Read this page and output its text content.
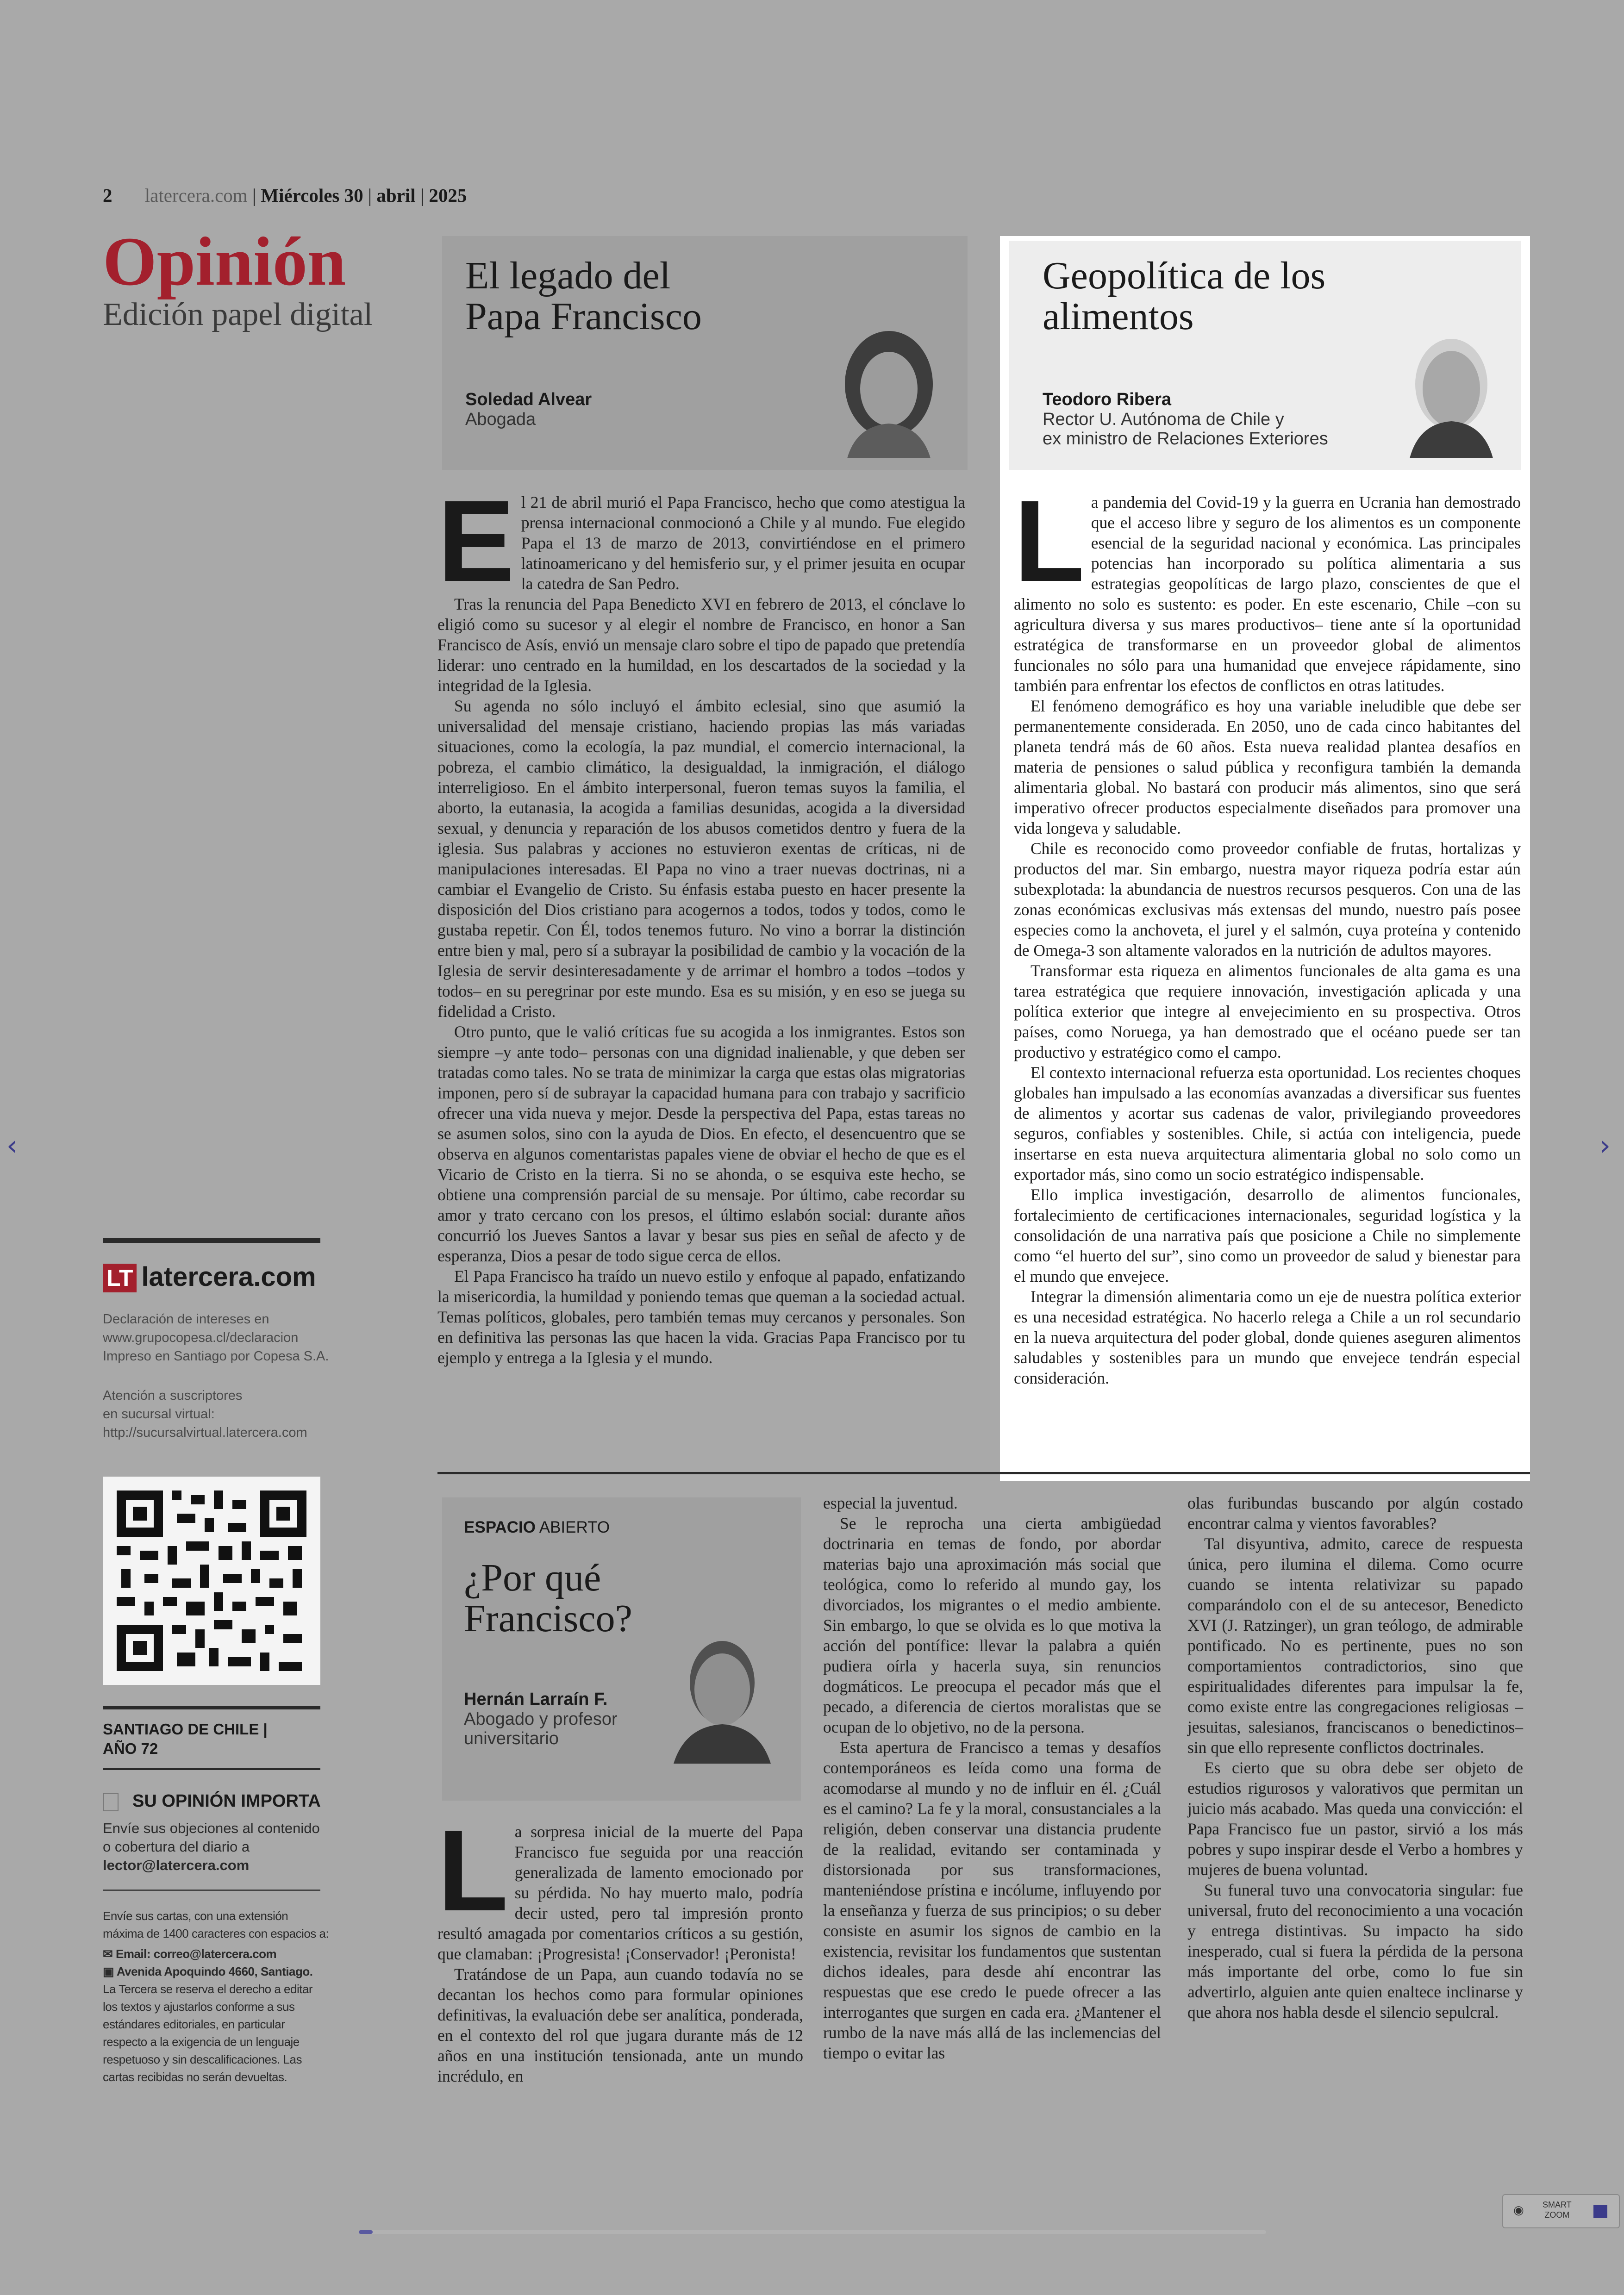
2 latercera.com | Miércoles 30 | abril | 2025
Opinión
Edición papel digital
LT latercera.com
Declaración de intereses en
www.grupocopesa.cl/declaracion
Impreso en Santiago por Copesa S.A.
Atención a suscriptores
en sucursal virtual:
http://sucursalvirtual.latercera.com
SANTIAGO DE CHILE |
AÑO 72
SU OPINIÓN IMPORTA
Envíe sus objeciones al contenido o cobertura del diario a
lector@latercera.com
Envíe sus cartas, con una extensión máxima de 1400 caracteres con espacios a:
✉ Email: correo@latercera.com
▣ Avenida Apoquindo 4660, Santiago.
La Tercera se reserva el derecho a editar los textos y ajustarlos conforme a sus estándares editoriales, en particular respecto a la exigencia de un lenguaje respetuoso y sin descalificaciones. Las cartas recibidas no serán devueltas.
El legado del
Papa Francisco
Soledad Alvear
Abogada
E l 21 de abril murió el Papa Francisco, hecho que como atestigua la prensa internacional conmocionó a Chile y al mundo. Fue elegido Papa el 13 de marzo de 2013, convirtiéndose en el primero latinoamericano y del hemisferio sur, y el primer jesuita en ocupar la catedra de San Pedro.

Tras la renuncia del Papa Benedicto XVI en febrero de 2013, el cónclave lo eligió como su sucesor y al elegir el nombre de Francisco, en honor a San Francisco de Asís, envió un mensaje claro sobre el tipo de papado que pretendía liderar: uno centrado en la humildad, en los descartados de la sociedad y la integridad de la Iglesia.

Su agenda no sólo incluyó el ámbito eclesial, sino que asumió la universalidad del mensaje cristiano, haciendo propias las más variadas situaciones, como la ecología, la paz mundial, el comercio internacional, la pobreza, el cambio climático, la desigualdad, la inmigración, el diálogo interreligioso. En el ámbito interpersonal, fueron temas suyos la familia, el aborto, la eutanasia, la acogida a familias desunidas, acogida a la diversidad sexual, y denuncia y reparación de los abusos cometidos dentro y fuera de la iglesia. Sus palabras y acciones no estuvieron exentas de críticas, ni de manipulaciones interesadas. El Papa no vino a traer nuevas doctrinas, ni a cambiar el Evangelio de Cristo. Su énfasis estaba puesto en hacer presente la disposición del Dios cristiano para acogernos a todos, todos y todos, como le gustaba repetir. Con Él, todos tenemos futuro. No vino a borrar la distinción entre bien y mal, pero sí a subrayar la posibilidad de cambio y la vocación de la Iglesia de servir desinteresadamente y de arrimar el hombro a todos –todos y todos– en su peregrinar por este mundo. Esa es su misión, y en eso se juega su fidelidad a Cristo.

Otro punto, que le valió críticas fue su acogida a los inmigrantes. Estos son siempre –y ante todo– personas con una dignidad inalienable, y que deben ser tratadas como tales. No se trata de minimizar la carga que estas olas migratorias imponen, pero sí de subrayar la capacidad humana para con trabajo y sacrificio ofrecer una vida nueva y mejor. Desde la perspectiva del Papa, estas tareas no se asumen solos, sino con la ayuda de Dios. En efecto, el desencuentro que se observa en algunos comentaristas papales viene de obviar el hecho de que es el Vicario de Cristo en la tierra. Si no se ahonda, o se esquiva este hecho, se obtiene una comprensión parcial de su mensaje. Por último, cabe recordar su amor y trato cercano con los presos, el último eslabón social: durante años concurrió los Jueves Santos a lavar y besar sus pies en señal de afecto y de esperanza, Dios a pesar de todo sigue cerca de ellos.

El Papa Francisco ha traído un nuevo estilo y enfoque al papado, enfatizando la misericordia, la humildad y poniendo temas que queman a la sociedad actual. Temas políticos, globales, pero también temas muy cercanos y personales. Son en definitiva las personas las que hacen la vida. Gracias Papa Francisco por tu ejemplo y entrega a la Iglesia y el mundo.

Geopolítica de los
alimentos
Teodoro Ribera
Rector U. Autónoma de Chile y
ex ministro de Relaciones Exteriores
L a pandemia del Covid-19 y la guerra en Ucrania han demostrado que el acceso libre y seguro de los alimentos es un componente esencial de la seguridad nacional y económica. Las principales potencias han incorporado su política alimentaria a sus estrategias geopolíticas de largo plazo, conscientes de que el alimento no solo es sustento: es poder. En este escenario, Chile –con su agricultura diversa y sus mares productivos– tiene ante sí la oportunidad estratégica de transformarse en un proveedor global de alimentos funcionales no sólo para una humanidad que envejece rápidamente, sino también para enfrentar los efectos de conflictos en otras latitudes.

El fenómeno demográfico es hoy una variable ineludible que debe ser permanentemente considerada. En 2050, uno de cada cinco habitantes del planeta tendrá más de 60 años. Esta nueva realidad plantea desafíos en materia de pensiones o salud pública y reconfigura también la demanda alimentaria global. No bastará con producir más alimentos, sino que será imperativo ofrecer productos especialmente diseñados para promover una vida longeva y saludable.

Chile es reconocido como proveedor confiable de frutas, hortalizas y productos del mar. Sin embargo, nuestra mayor riqueza podría estar aún subexplotada: la abundancia de nuestros recursos pesqueros. Con una de las zonas económicas exclusivas más extensas del mundo, nuestro país posee especies como la anchoveta, el jurel y el salmón, cuya proteína y contenido de Omega-3 son altamente valorados en la nutrición de adultos mayores.

Transformar esta riqueza en alimentos funcionales de alta gama es una tarea estratégica que requiere innovación, investigación aplicada y una política exterior que integre al envejecimiento en su prospectiva. Otros países, como Noruega, ya han demostrado que el océano puede ser tan productivo y estratégico como el campo.

El contexto internacional refuerza esta oportunidad. Los recientes choques globales han impulsado a las economías avanzadas a diversificar sus fuentes de alimentos y acortar sus cadenas de valor, privilegiando proveedores seguros, confiables y sostenibles. Chile, si actúa con inteligencia, puede insertarse en esta nueva arquitectura alimentaria global no solo como un exportador más, sino como un socio estratégico indispensable.

Ello implica investigación, desarrollo de alimentos funcionales, fortalecimiento de certificaciones internacionales, seguridad logística y la consolidación de una narrativa país que posicione a Chile no simplemente como “el huerto del sur”, sino como un proveedor de salud y bienestar para el mundo que envejece.

Integrar la dimensión alimentaria como un eje de nuestra política exterior es una necesidad estratégica. No hacerlo relega a Chile a un rol secundario en la nueva arquitectura del poder global, donde quienes aseguren alimentos saludables y sostenibles para un mundo que envejece tendrán especial consideración.

ESPACIO ABIERTO
¿Por qué
Francisco?
Hernán Larraín F.
Abogado y profesor
universitario
L a sorpresa inicial de la muerte del Papa Francisco fue seguida por una reacción generalizada de lamento emocionado por su pérdida. No hay muerto malo, podría decir usted, pero tal impresión pronto resultó amagada por comentarios críticos a su gestión, que clamaban: ¡Progresista! ¡Conservador! ¡Peronista!

Tratándose de un Papa, aun cuando todavía no se decantan los hechos como para formular opiniones definitivas, la evaluación debe ser analítica, ponderada, en el contexto del rol que jugara durante más de 12 años en una institución tensionada, ante un mundo incrédulo, en

especial la juventud.

Se le reprocha una cierta ambigüedad doctrinaria en temas de fondo, por abordar materias bajo una aproximación más social que teológica, como lo referido al mundo gay, los divorciados, los migrantes o el medio ambiente. Sin embargo, lo que se olvida es lo que motiva la acción del pontífice: llevar la palabra a quién pudiera oírla y hacerla suya, sin renuncios dogmáticos. Le preocupa el pecador más que el pecado, a diferencia de ciertos moralistas que se ocupan de lo objetivo, no de la persona.

Esta apertura de Francisco a temas y desafíos contemporáneos es leída como una forma de acomodarse al mundo y no de influir en él. ¿Cuál es el camino? La fe y la moral, consustanciales a la religión, deben conservar una distancia prudente de la realidad, evitando ser contaminada y distorsionada por sus transformaciones, manteniéndose prístina e incólume, influyendo por la enseñanza y fuerza de sus principios; o su deber consiste en asumir los signos de cambio en la existencia, revisitar los fundamentos que sustentan dichos ideales, para desde ahí encontrar las respuestas que ese credo le puede ofrecer a las interrogantes que surgen en cada era. ¿Mantener el rumbo de la nave más allá de las inclemencias del tiempo o evitar las

olas furibundas buscando por algún costado encontrar calma y vientos favorables?

Tal disyuntiva, admito, carece de respuesta única, pero ilumina el dilema. Como ocurre cuando se intenta relativizar su papado comparándolo con el de su antecesor, Benedicto XVI (J. Ratzinger), un gran teólogo, de admirable pontificado. No es pertinente, pues no son comportamientos contradictorios, sino que espiritualidades diferentes para impulsar la fe, como existe entre las congregaciones religiosas –jesuitas, salesianos, franciscanos o benedictinos– sin que ello represente conflictos doctrinales.

Es cierto que su obra debe ser objeto de estudios rigurosos y valorativos que permitan un juicio más acabado. Mas queda una convicción: el Papa Francisco fue un pastor, sirvió a los más pobres y supo inspirar desde el Verbo a hombres y mujeres de buena voluntad.

Su funeral tuvo una convocatoria singular: fue universal, fruto del reconocimiento a una vocación y entrega distintivas. Su impacto ha sido inesperado, cual si fuera la pérdida de la persona más importante del orbe, como lo fue sin advertirlo, alguien ante quien enaltece inclinarse y que ahora nos habla desde el silencio sepulcral.

‹	›
◉ SMART
ZOOM
